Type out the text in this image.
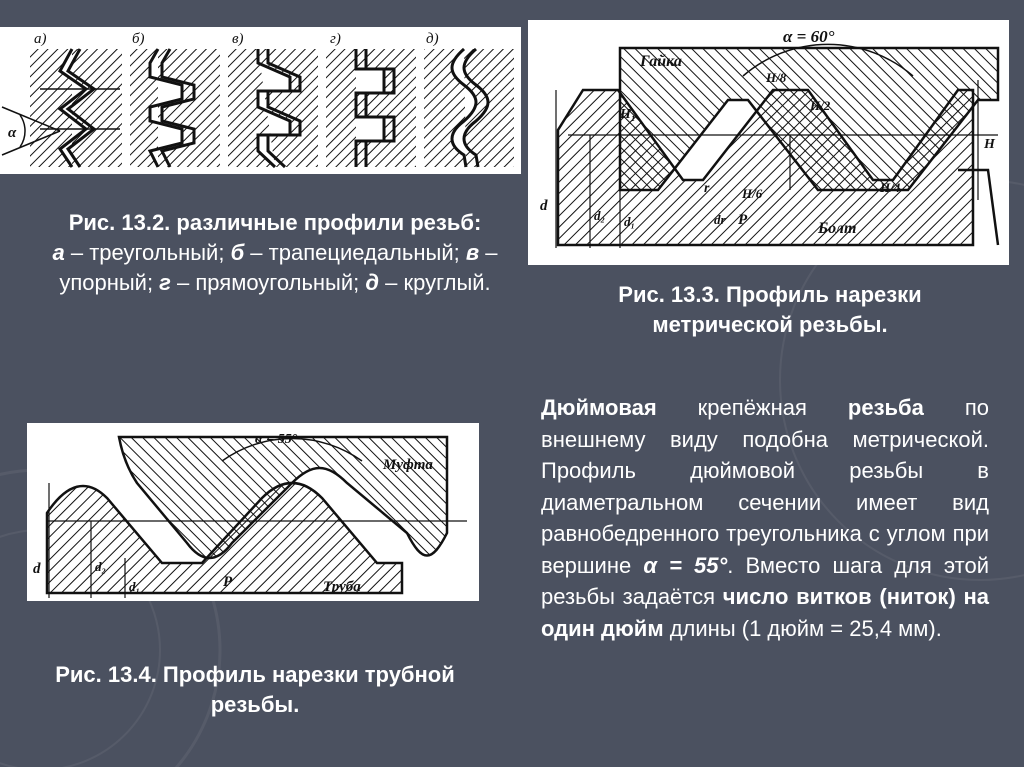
а)
α
б)	в)	г)	д)
Рис. 13.2. различные профили резьб:
а – треугольный; б – трапециедальный; в – упорный; г – прямоугольный; д – круглый.
α = 60°
Гайка
Болт
H₁
H/8
H/2
H
H/6	H/4
r
P
d
d₂ d₁	dr
Рис. 13.3. Профиль нарезки метрической резьбы.
α = 55°
Муфта
Труба
P
d	d₂
d₁
Рис. 13.4. Профиль нарезки трубной резьбы.
Дюймовая крепёжная резьба по внешнему виду подобна метрической. Профиль дюймовой резьбы в диаметральном сечении имеет вид равнобедренного треугольника с углом при вершине α = 55°. Вместо шага для этой резьбы задаётся число витков (ниток) на один дюйм длины (1 дюйм = 25,4 мм).
